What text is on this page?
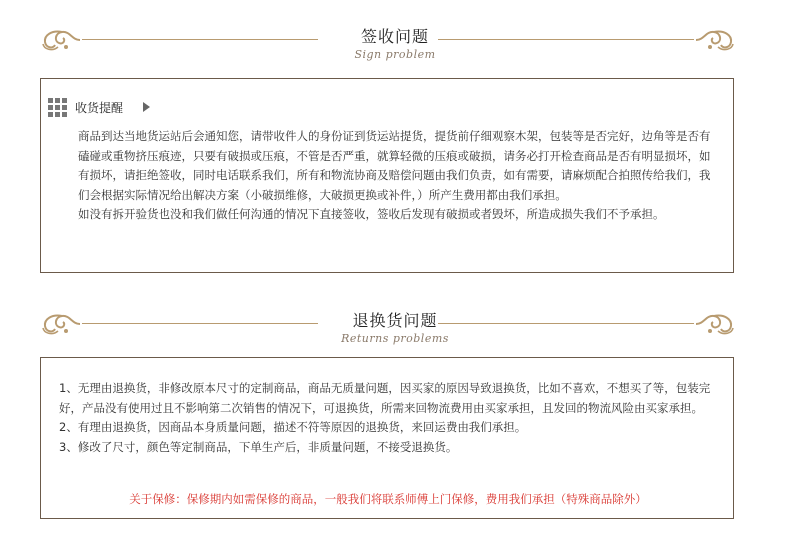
签收问题
Sign problem
收货提醒
商品到达当地货运站后会通知您，请带收件人的身份证到货运站提货，提货前仔细观察木架，包装等是否完好，边角等是否有磕碰或重物挤压痕迹，只要有破损或压痕，不管是否严重，就算轻微的压痕或破损，请务必打开检查商品是否有明显损坏，如有损坏，请拒绝签收，同时电话联系我们，所有和物流协商及赔偿问题由我们负责，如有需要，请麻烦配合拍照传给我们，我们会根据实际情况给出解决方案（小破损维修，大破损更换或补件，）所产生费用都由我们承担。
如没有拆开验货也没和我们做任何沟通的情况下直接签收，签收后发现有破损或者毁坏，所造成损失我们不予承担。
退换货问题
Returns problems
1、无理由退换货，非修改原本尺寸的定制商品，商品无质量问题，因买家的原因导致退换货，比如不喜欢，不想买了等，包装完好，产品没有使用过且不影响第二次销售的情况下，可退换货，所需来回物流费用由买家承担，且发回的物流风险由买家承担。
2、有理由退换货，因商品本身质量问题，描述不符等原因的退换货，来回运费由我们承担。
3、修改了尺寸，颜色等定制商品，下单生产后，非质量问题，不接受退换货。
关于保修：保修期内如需保修的商品，一般我们将联系师傅上门保修，费用我们承担（特殊商品除外）
